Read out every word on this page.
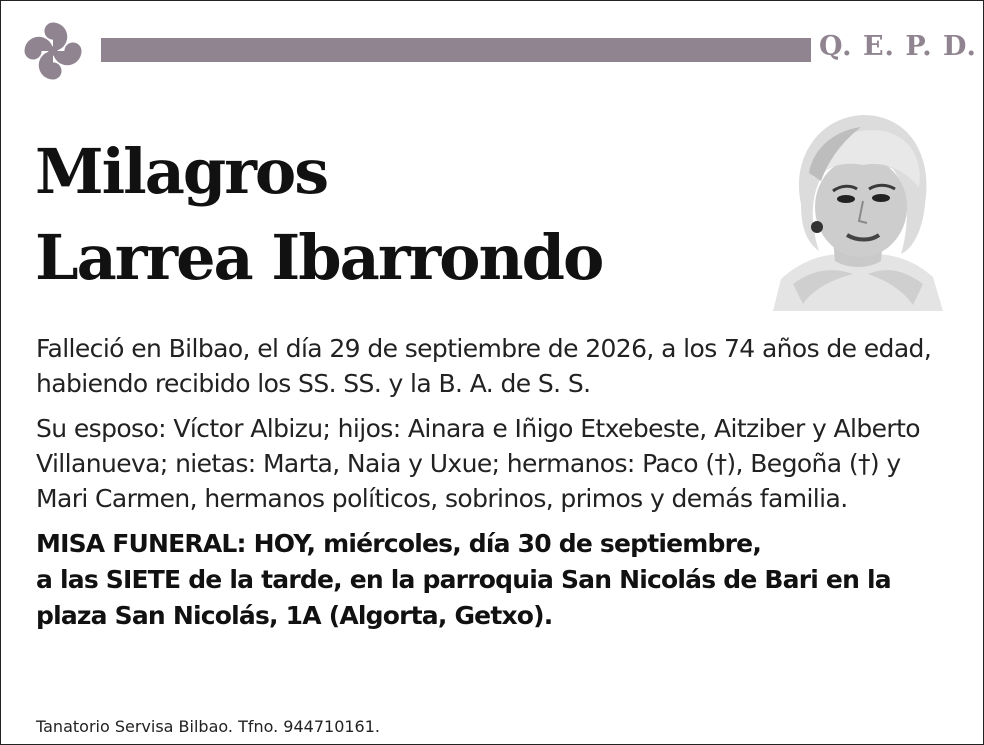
Q. E. P. D.
Milagros
Larrea Ibarrondo

Falleció en Bilbao, el día 29 de septiembre de 2026, a los 74 años de edad, habiendo recibido los SS. SS. y la B. A. de S. S.

Su esposo: Víctor Albizu; hijos: Ainara e Iñigo Etxebeste, Aitziber y Alberto Villanueva; nietas: Marta, Naia y Uxue; hermanos: Paco (†), Begoña (†) y Mari Carmen, hermanos políticos, sobrinos, primos y demás familia.

MISA FUNERAL: HOY, miércoles, día 30 de septiembre,
a las SIETE de la tarde, en la parroquia San Nicolás de Bari en la plaza San Nicolás, 1A (Algorta, Getxo).
Tanatorio Servisa Bilbao. Tfno. 944710161.
